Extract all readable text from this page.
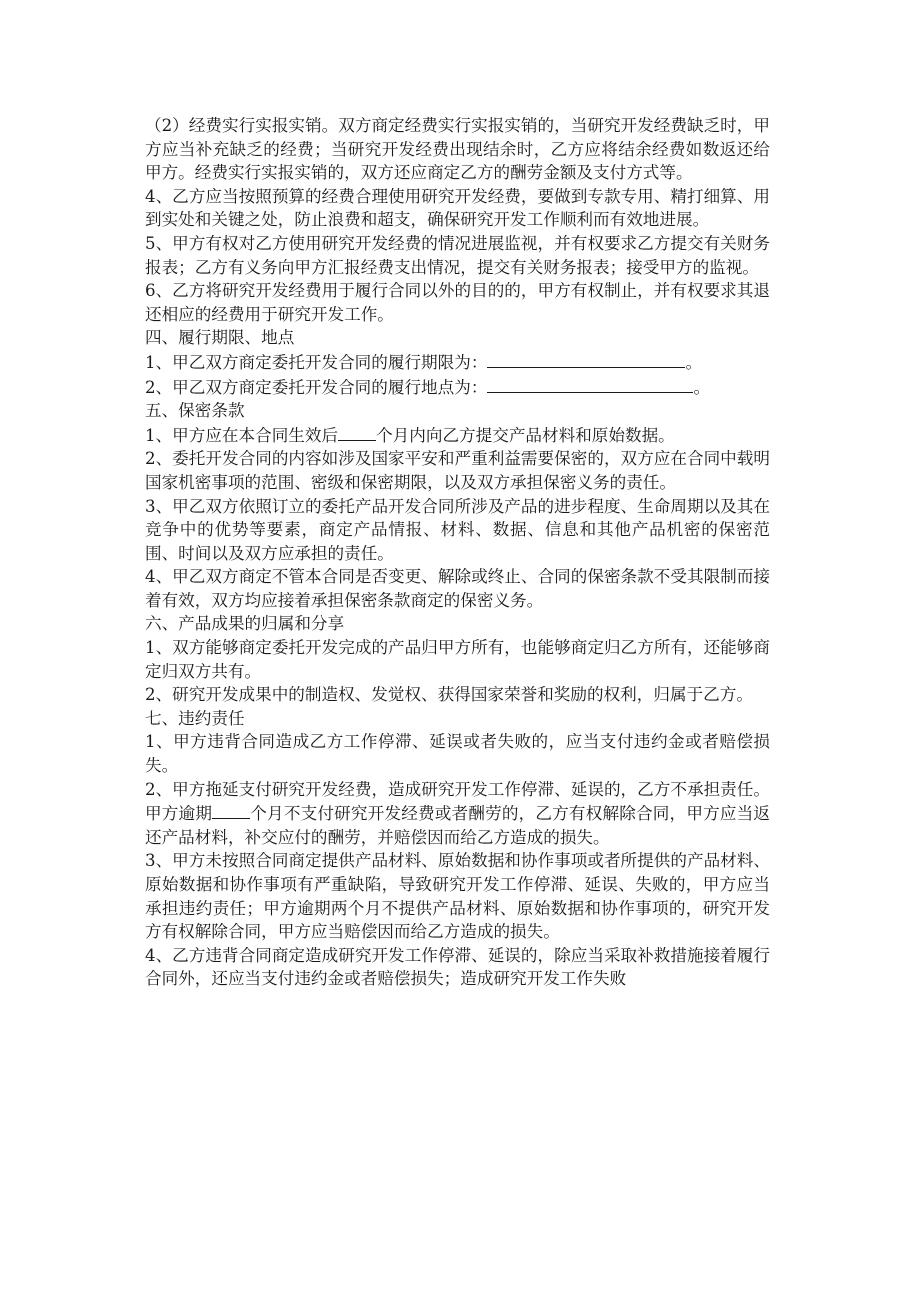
（2）经费实行实报实销。双方商定经费实行实报实销的，当研究开发经费缺乏时，甲方应当补充缺乏的经费；当研究开发经费出现结余时，乙方应将结余经费如数返还给甲方。经费实行实报实销的，双方还应商定乙方的酬劳金额及支付方式等。

4、乙方应当按照预算的经费合理使用研究开发经费，要做到专款专用、精打细算、用到实处和关键之处，防止浪费和超支，确保研究开发工作顺利而有效地进展。

5、甲方有权对乙方使用研究开发经费的情况进展监视，并有权要求乙方提交有关财务报表；乙方有义务向甲方汇报经费支出情况，提交有关财务报表；接受甲方的监视。

6、乙方将研究开发经费用于履行合同以外的目的的，甲方有权制止，并有权要求其退还相应的经费用于研究开发工作。

四、履行期限、地点

1、甲乙双方商定委托开发合同的履行期限为：	。

2、甲乙双方商定委托开发合同的履行地点为：	。

五、保密条款

1、甲方应在本合同生效后 个月内向乙方提交产品材料和原始数据。

2、委托开发合同的内容如涉及国家平安和严重利益需要保密的，双方应在合同中载明国家机密事项的范围、密级和保密期限，以及双方承担保密义务的责任。

3、甲乙双方依照订立的委托产品开发合同所涉及产品的进步程度、生命周期以及其在竞争中的优势等要素，商定产品情报、材料、数据、信息和其他产品机密的保密范围、时间以及双方应承担的责任。

4、甲乙双方商定不管本合同是否变更、解除或终止、合同的保密条款不受其限制而接着有效，双方均应接着承担保密条款商定的保密义务。

六、产品成果的归属和分享

1、双方能够商定委托开发完成的产品归甲方所有，也能够商定归乙方所有，还能够商定归双方共有。

2、研究开发成果中的制造权、发觉权、获得国家荣誉和奖励的权利，归属于乙方。

七、违约责任

1、甲方违背合同造成乙方工作停滞、延误或者失败的，应当支付违约金或者赔偿损失。

2、甲方拖延支付研究开发经费，造成研究开发工作停滞、延误的，乙方不承担责任。甲方逾期 个月不支付研究开发经费或者酬劳的，乙方有权解除合同，甲方应当返还产品材料，补交应付的酬劳，并赔偿因而给乙方造成的损失。

3、甲方未按照合同商定提供产品材料、原始数据和协作事项或者所提供的产品材料、原始数据和协作事项有严重缺陷，导致研究开发工作停滞、延误、失败的，甲方应当承担违约责任；甲方逾期两个月不提供产品材料、原始数据和协作事项的，研究开发方有权解除合同，甲方应当赔偿因而给乙方造成的损失。

4、乙方违背合同商定造成研究开发工作停滞、延误的，除应当采取补救措施接着履行合同外，还应当支付违约金或者赔偿损失；造成研究开发工作失败
